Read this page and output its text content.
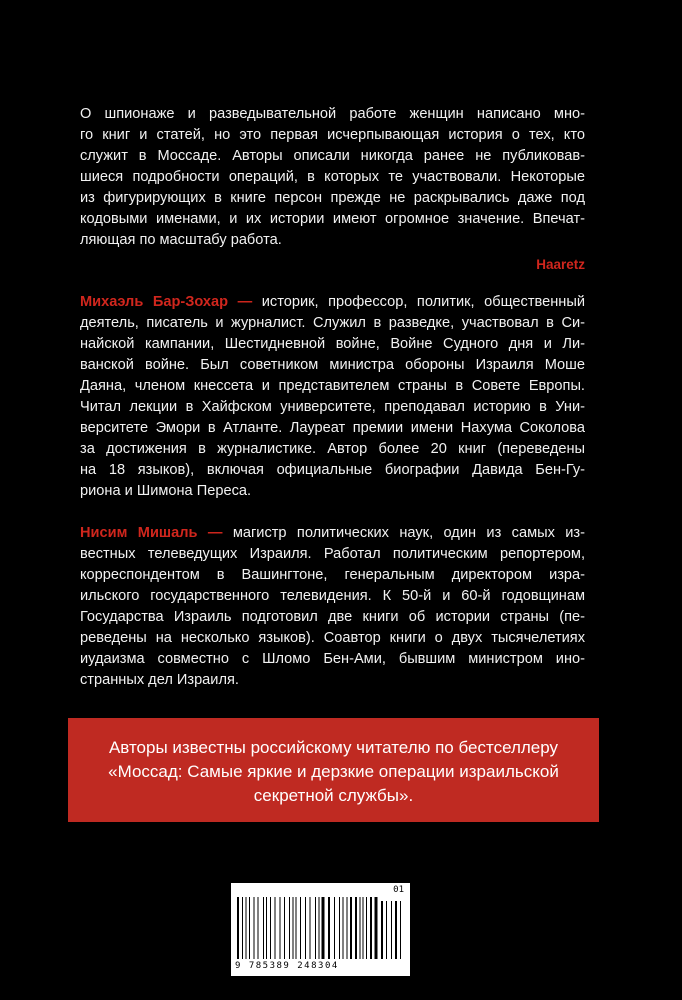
О шпионаже и разведывательной работе женщин написано мно-
го книг и статей, но это первая исчерпывающая история о тех, кто
служит в Моссаде. Авторы описали никогда ранее не публиковав-
шиеся подробности операций, в которых те участвовали. Некоторые
из фигурирующих в книге персон прежде не раскрывались даже под
кодовыми именами, и их истории имеют огромное значение. Впечат-
ляющая по масштабу работа.
Haaretz
Михаэль Бар-Зохар — историк, профессор, политик, общественный
деятель, писатель и журналист. Служил в разведке, участвовал в Си-
найской кампании, Шестидневной войне, Войне Судного дня и Ли-
ванской войне. Был советником министра обороны Израиля Моше
Даяна, членом кнессета и представителем страны в Совете Европы.
Читал лекции в Хайфском университете, преподавал историю в Уни-
верситете Эмори в Атланте. Лауреат премии имени Нахума Соколова
за достижения в журналистике. Автор более 20 книг (переведены
на 18 языков), включая официальные биографии Давида Бен-Гу-
риона и Шимона Переса.
Нисим Мишаль — магистр политических наук, один из самых из-
вестных телеведущих Израиля. Работал политическим репортером,
корреспондентом в Вашингтоне, генеральным директором изра-
ильского государственного телевидения. К 50-й и 60-й годовщинам
Государства Израиль подготовил две книги об истории страны (пе-
реведены на несколько языков). Соавтор книги о двух тысячелетиях
иудаизма совместно с Шломо Бен-Ами, бывшим министром ино-
странных дел Израиля.
Авторы известны российскому читателю по бестселлеру
«Моссад: Самые яркие и дерзкие операции израильской
секретной службы».
01
9 785389 248304
